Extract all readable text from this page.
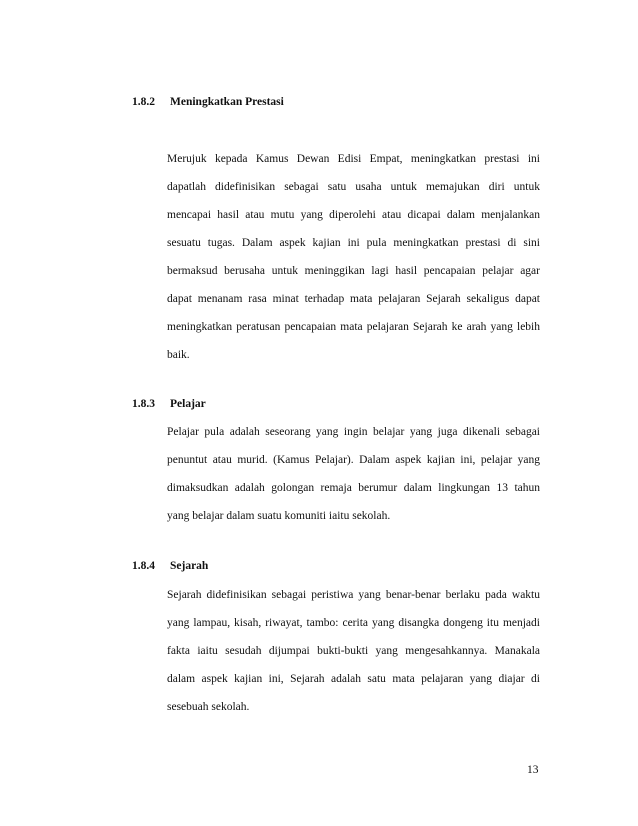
1.8.2 Meningkatkan Prestasi
Merujuk kepada Kamus Dewan Edisi Empat, meningkatkan prestasi ini
dapatlah didefinisikan sebagai satu usaha untuk memajukan diri untuk
mencapai hasil atau mutu yang diperolehi atau dicapai dalam menjalankan
sesuatu tugas. Dalam aspek kajian ini pula meningkatkan prestasi di sini
bermaksud berusaha untuk meninggikan lagi hasil pencapaian pelajar agar
dapat menanam rasa minat terhadap mata pelajaran Sejarah sekaligus dapat
meningkatkan peratusan pencapaian mata pelajaran Sejarah ke arah yang lebih
baik.
1.8.3 Pelajar
Pelajar pula adalah seseorang yang ingin belajar yang juga dikenali sebagai
penuntut atau murid. (Kamus Pelajar). Dalam aspek kajian ini, pelajar yang
dimaksudkan adalah golongan remaja berumur dalam lingkungan 13 tahun
yang belajar dalam suatu komuniti iaitu sekolah.
1.8.4 Sejarah
Sejarah didefinisikan sebagai peristiwa yang benar-benar berlaku pada waktu
yang lampau, kisah, riwayat, tambo: cerita yang disangka dongeng itu menjadi
fakta iaitu sesudah dijumpai bukti-bukti yang mengesahkannya. Manakala
dalam aspek kajian ini, Sejarah adalah satu mata pelajaran yang diajar di
sesebuah sekolah.
13
